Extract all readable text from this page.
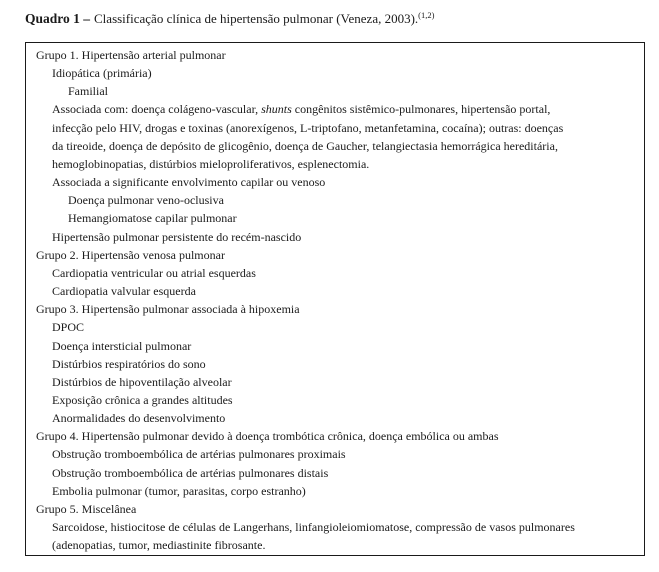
Quadro 1 – Classificação clínica de hipertensão pulmonar (Veneza, 2003).$^{(1,2)}$
Grupo 1. Hipertensão arterial pulmonar
Idiopática (primária)
Familial
Associada com: doença colágeno-vascular, shunts congênitos sistêmico-pulmonares, hipertensão portal,
infecção pelo HIV, drogas e toxinas (anorexígenos, L-triptofano, metanfetamina, cocaína); outras: doenças
da tireoide, doença de depósito de glicogênio, doença de Gaucher, telangiectasia hemorrágica hereditária,
hemoglobinopatias, distúrbios mieloproliferativos, esplenectomia.
Associada a significante envolvimento capilar ou venoso
Doença pulmonar veno-oclusiva
Hemangiomatose capilar pulmonar
Hipertensão pulmonar persistente do recém-nascido
Grupo 2. Hipertensão venosa pulmonar
Cardiopatia ventricular ou atrial esquerdas
Cardiopatia valvular esquerda
Grupo 3. Hipertensão pulmonar associada à hipoxemia
DPOC
Doença intersticial pulmonar
Distúrbios respiratórios do sono
Distúrbios de hipoventilação alveolar
Exposição crônica a grandes altitudes
Anormalidades do desenvolvimento
Grupo 4. Hipertensão pulmonar devido à doença trombótica crônica, doença embólica ou ambas
Obstrução tromboembólica de artérias pulmonares proximais
Obstrução tromboembólica de artérias pulmonares distais
Embolia pulmonar (tumor, parasitas, corpo estranho)
Grupo 5. Miscelânea
Sarcoidose, histiocitose de células de Langerhans, linfangioleiomiomatose, compressão de vasos pulmonares
(adenopatias, tumor, mediastinite fibrosante.
